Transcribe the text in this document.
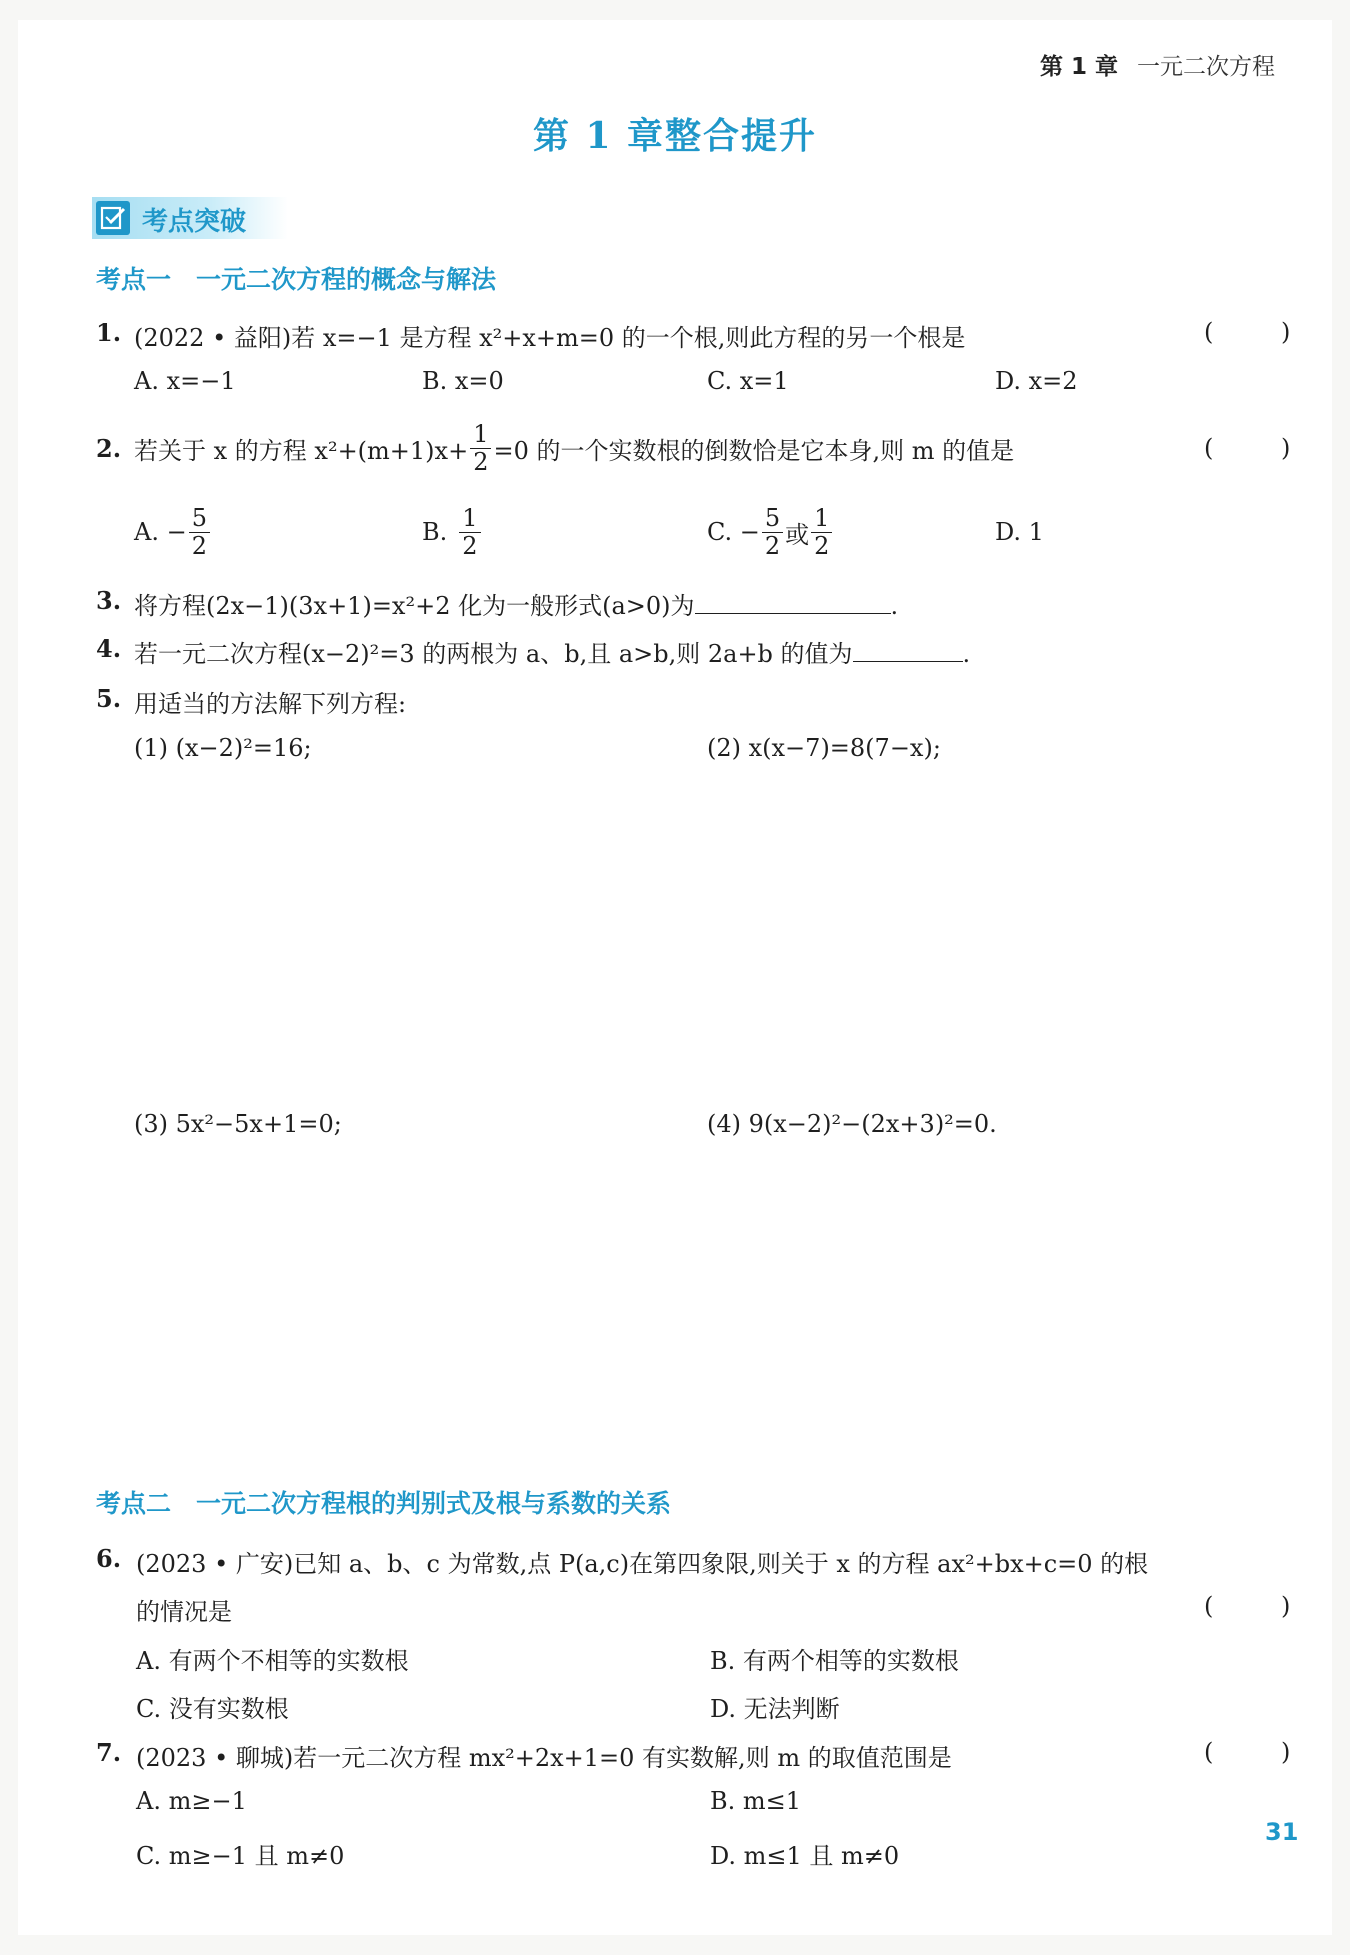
第 1 章 一元二次方程
第 1 章整合提升
考点突破
考点一　一元二次方程的概念与解法
1. (2022 • 益阳)若 x=−1 是方程 x²+x+m=0 的一个根,则此方程的另一个根是	( )
A. x=−1	B. x=0	C. x=1	D. x=2
2. 若关于 x 的方程 $x^2+(m+1)x+ \frac{1}{2} =0$ 的一个实数根的倒数恰是它本身,则 m 的值是	( )
A. − $\frac{5}{2}$	B. $\frac{1}{2}$	C. − $\frac{5}{2}$ 或 $\frac{1}{2}$	D. 1
3. 将方程(2x−1)(3x+1)=x²+2 化为一般形式(a>0)为	.
4. 若一元二次方程(x−2)²=3 的两根为 a、b,且 a>b,则 2a+b 的值为	.
5. 用适当的方法解下列方程:
(1) (x−2)²=16;	(2) x(x−7)=8(7−x);
(3) 5x²−5x+1=0;	(4) 9(x−2)²−(2x+3)²=0.
考点二　一元二次方程根的判别式及根与系数的关系
6. (2023 • 广安)已知 a、b、c 为常数,点 P(a,c)在第四象限,则关于 x 的方程 ax²+bx+c=0 的根
的情况是	( )
A. 有两个不相等的实数根	B. 有两个相等的实数根
C. 没有实数根	D. 无法判断
7. (2023 • 聊城)若一元二次方程 mx²+2x+1=0 有实数解,则 m 的取值范围是	( )
A. m≥−1	B. m≤1
C. m≥−1 且 m≠0	D. m≤1 且 m≠0
31
